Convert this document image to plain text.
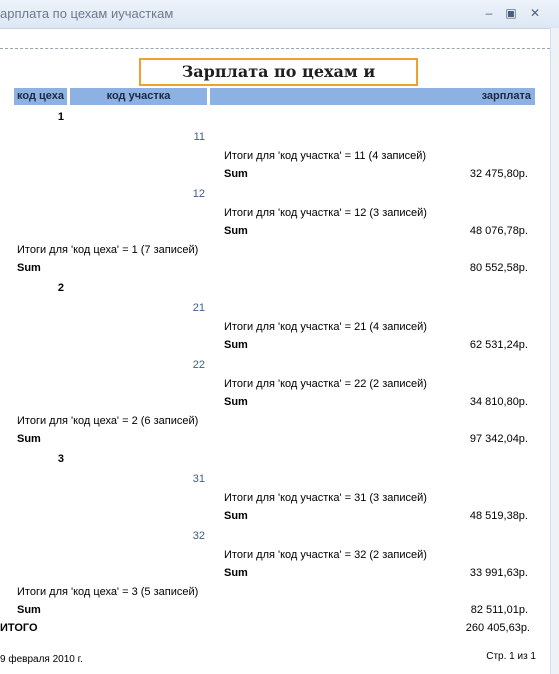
арплата по цехам иучасткам	–	▣	✕
Зарплата по цехам и
код цеха	код участка	зарплата
1
11
Итоги для 'код участка' = 11 (4 записей)
Sum	32 475,80р.
12
Итоги для 'код участка' = 12 (3 записей)
Sum	48 076,78р.
Итоги для 'код цеха' = 1 (7 записей)
Sum	80 552,58р.
2
21
Итоги для 'код участка' = 21 (4 записей)
Sum	62 531,24р.
22
Итоги для 'код участка' = 22 (2 записей)
Sum	34 810,80р.
Итоги для 'код цеха' = 2 (6 записей)
Sum	97 342,04р.
3
31
Итоги для 'код участка' = 31 (3 записей)
Sum	48 519,38р.
32
Итоги для 'код участка' = 32 (2 записей)
Sum	33 991,63р.
Итоги для 'код цеха' = 3 (5 записей)
Sum	82 511,01р.
ИТОГО	260 405,63р.
9 февраля 2010 г.	Стр. 1 из 1
